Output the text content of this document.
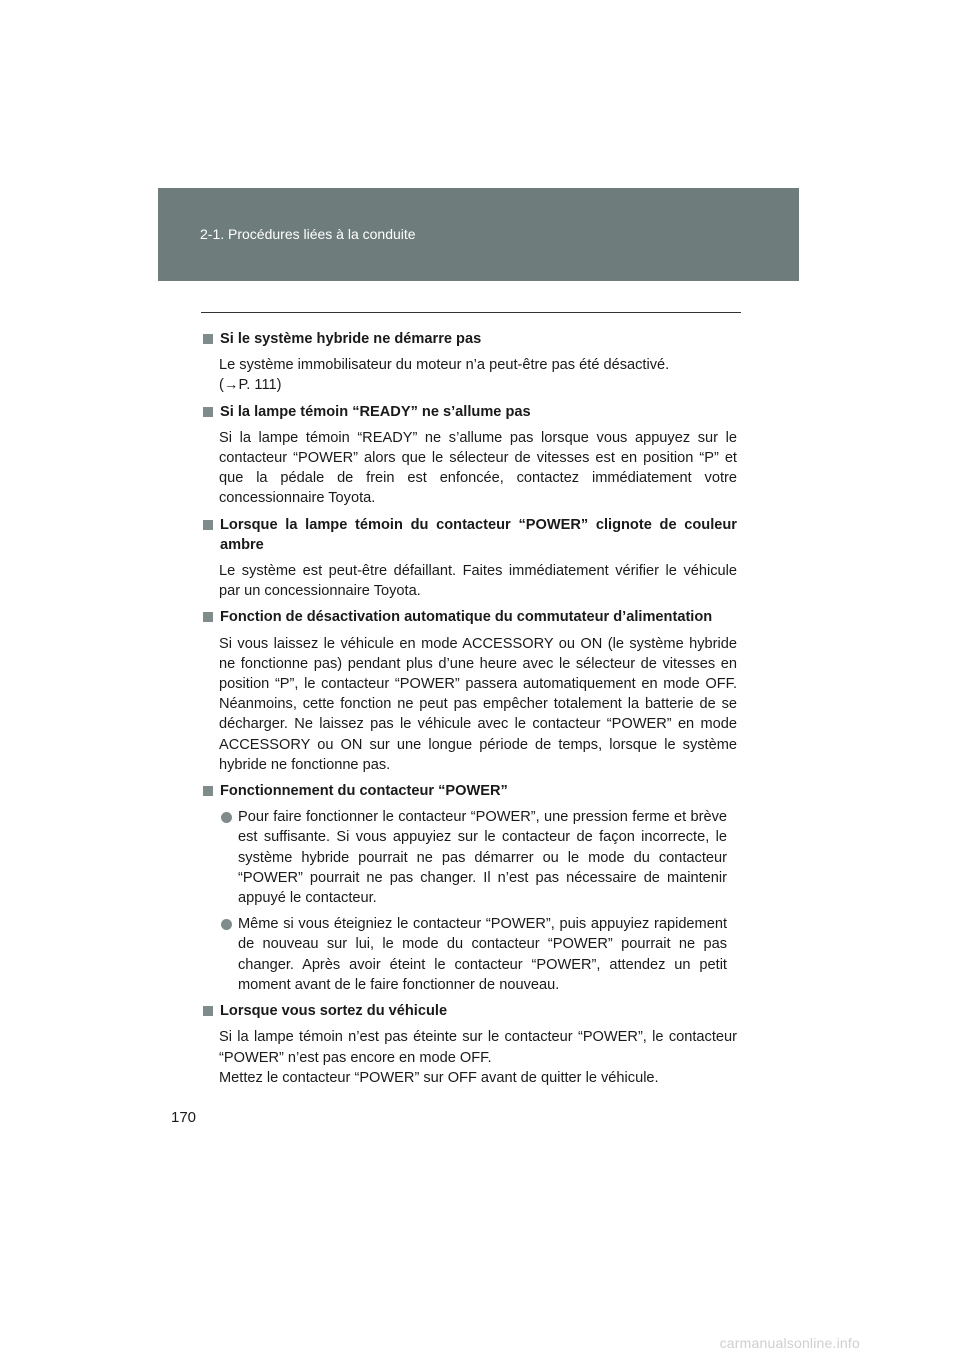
2-1. Procédures liées à la conduite
Si le système hybride ne démarre pas
Le système immobilisateur du moteur n’a peut-être pas été désactivé.
(→P. 111)
Si la lampe témoin “READY” ne s’allume pas
Si la lampe témoin “READY” ne s’allume pas lorsque vous appuyez sur le contacteur “POWER” alors que le sélecteur de vitesses est en position “P” et que la pédale de frein est enfoncée, contactez immédiatement votre concessionnaire Toyota.
Lorsque la lampe témoin du contacteur “POWER” clignote de couleur ambre
Le système est peut-être défaillant. Faites immédiatement vérifier le véhicule par un concessionnaire Toyota.
Fonction de désactivation automatique du commutateur d’alimentation
Si vous laissez le véhicule en mode ACCESSORY ou ON (le système hybride ne fonctionne pas) pendant plus d’une heure avec le sélecteur de vitesses en position “P”, le contacteur “POWER” passera automatiquement en mode OFF. Néanmoins, cette fonction ne peut pas empêcher totalement la batterie de se décharger. Ne laissez pas le véhicule avec le contacteur “POWER” en mode ACCESSORY ou ON sur une longue période de temps, lorsque le système hybride ne fonctionne pas.
Fonctionnement du contacteur “POWER”
Pour faire fonctionner le contacteur “POWER”, une pression ferme et brève est suffisante. Si vous appuyiez sur le contacteur de façon incorrecte, le système hybride pourrait ne pas démarrer ou le mode du contacteur “POWER” pourrait ne pas changer. Il n’est pas nécessaire de maintenir appuyé le contacteur.
Même si vous éteigniez le contacteur “POWER”, puis appuyiez rapidement de nouveau sur lui, le mode du contacteur “POWER” pourrait ne pas changer. Après avoir éteint le contacteur “POWER”, attendez un petit moment avant de le faire fonctionner de nouveau.
Lorsque vous sortez du véhicule
Si la lampe témoin n’est pas éteinte sur le contacteur “POWER”, le contacteur “POWER” n’est pas encore en mode OFF.
Mettez le contacteur “POWER” sur OFF avant de quitter le véhicule.
170
carmanualsonline.info
